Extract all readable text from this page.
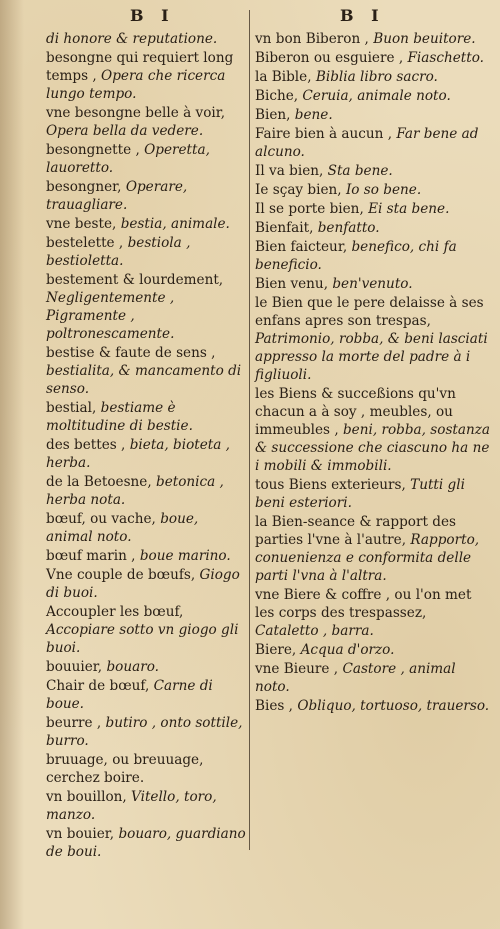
B I	B I
di honore & reputatione.
besongne qui requiert long temps , Opera che ricerca lungo tempo.
vne besongne belle à voir, Opera bella da vedere.
besongnette , Operetta, lauoretto.
besongner, Operare, trauagliare.
vne beste, bestia, animale.
bestelette , bestiola , bestioletta.
bestement & lourdement, Negligentemente , Pigramente , poltronescamente.
bestise & faute de sens , bestialita, & mancamento di senso.
bestial, bestiame è moltitudine di bestie.
des bettes , bieta, bioteta , herba.
de la Betoesne, betonica , herba nota.
bœuf, ou vache, boue, animal noto.
bœuf marin , boue marino.
Vne couple de bœufs, Giogo di buoi.
Accoupler les bœuf, Accopiare sotto vn giogo gli buoi.
bouuier, bouaro.
Chair de bœuf, Carne di boue.
beurre , butiro , onto sottile, burro.
bruuage, ou breuuage, cerchez boire.
vn bouillon, Vitello, toro, manzo.
vn bouier, bouaro, guardiano de boui.
vn bon Biberon , Buon beuitore.
Biberon ou esguiere , Fiaschetto.
la Bible, Biblia libro sacro.
Biche, Ceruia, animale noto.
Bien, bene.
Faire bien à aucun , Far bene ad alcuno.
Il va bien, Sta bene.
Ie sçay bien, Io so bene.
Il se porte bien, Ei sta bene.
Bienfait, benfatto.
Bien faicteur, benefico, chi fa beneficio.
Bien venu, ben'venuto.
le Bien que le pere delaisse à ses enfans apres son trespas, Patrimonio, robba, & beni lasciati appresso la morte del padre à i figliuoli.
les Biens & succeßions qu'vn chacun a à soy , meubles, ou immeubles , beni, robba, sostanza & successione che ciascuno ha ne i mobili & immobili.
tous Biens exterieurs, Tutti gli beni esteriori.
la Bien-seance & rapport des parties l'vne à l'autre, Rapporto, conuenienza e conformita delle parti l'vna à l'altra.
vne Biere & coffre , ou l'on met les corps des trespassez, Cataletto , barra.
Biere, Acqua d'orzo.
vne Bieure , Castore , animal noto.
Bies , Obliquo, tortuoso, trauerso.
